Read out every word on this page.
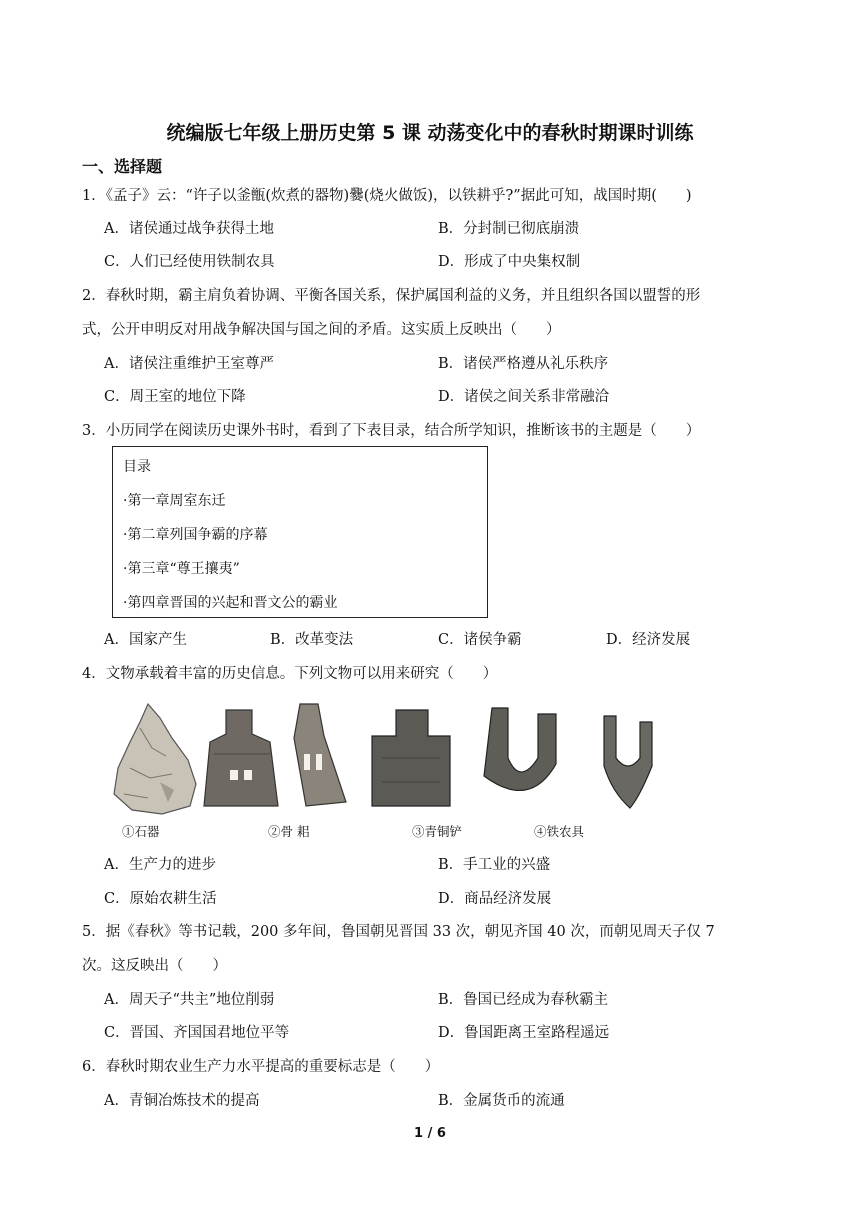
统编版七年级上册历史第 5 课 动荡变化中的春秋时期课时训练
一、选择题
1．《孟子》云：“许子以釜甑(炊煮的器物)爨(烧火做饭)，以铁耕乎?”据此可知，战国时期(　　)
A．诸侯通过战争获得土地	B．分封制已彻底崩溃
C．人们已经使用铁制农具	D．形成了中央集权制
2．春秋时期，霸主肩负着协调、平衡各国关系，保护属国利益的义务，并且组织各国以盟誓的形
式，公开申明反对用战争解决国与国之间的矛盾。这实质上反映出（　　）
A．诸侯注重维护王室尊严	B．诸侯严格遵从礼乐秩序
C．周王室的地位下降	D．诸侯之间关系非常融洽
3．小历同学在阅读历史课外书时，看到了下表目录，结合所学知识，推断该书的主题是（　　）
目录
·第一章周室东迁
·第二章列国争霸的序幕
·第三章“尊王攘夷”
·第四章晋国的兴起和晋文公的霸业
A．国家产生	B．改革变法	C．诸侯争霸	D．经济发展
4．文物承载着丰富的历史信息。下列文物可以用来研究（　　）
①石器	②骨 耜	③青铜铲	④铁农具
A．生产力的进步	B．手工业的兴盛
C．原始农耕生活	D．商品经济发展
5．据《春秋》等书记载，200 多年间，鲁国朝见晋国 33 次，朝见齐国 40 次，而朝见周天子仅 7
次。这反映出（　　）
A．周天子“共主”地位削弱	B．鲁国已经成为春秋霸主
C．晋国、齐国国君地位平等	D．鲁国距离王室路程遥远
6．春秋时期农业生产力水平提高的重要标志是（　　）
A．青铜冶炼技术的提高	B．金属货币的流通
1 / 6
